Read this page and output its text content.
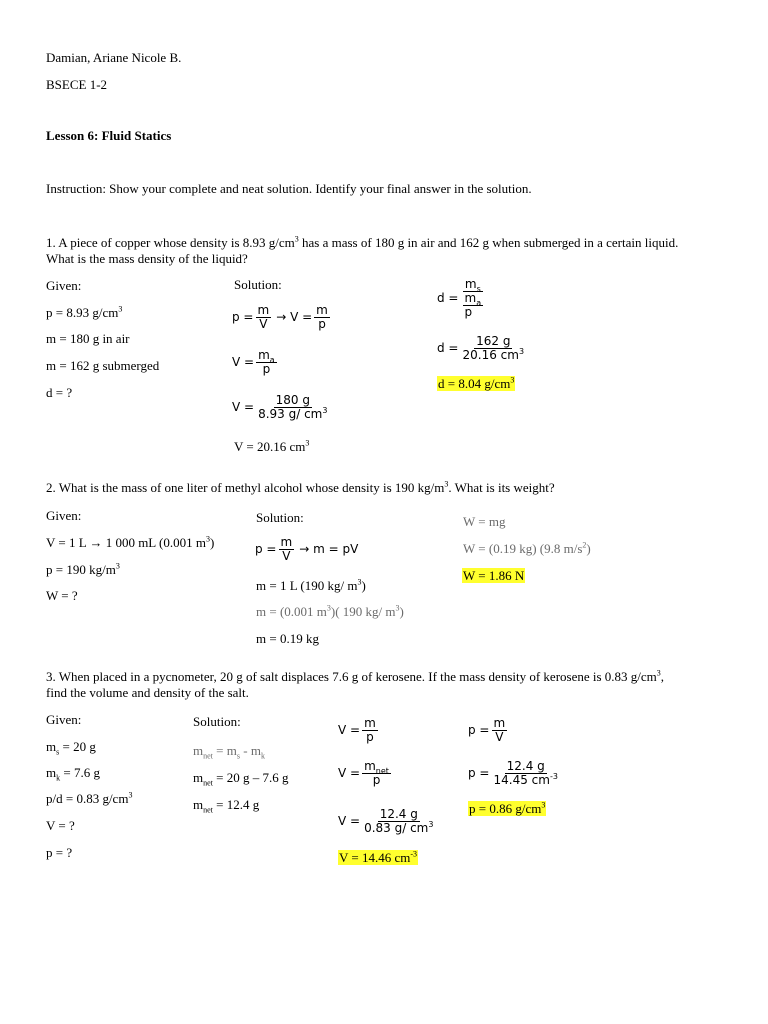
Damian, Ariane Nicole B.
BSECE 1-2
Lesson 6: Fluid Statics
Instruction: Show your complete and neat solution. Identify your final answer in the solution.
1. A piece of copper whose density is 8.93 $g/cm^3$ has a mass of 180 g in air and 162 g when submerged in a certain liquid.
What is the mass density of the liquid?
Given:
p = 8.93 $g/cm^3$
m = 180 g in air
m = 162 g submerged
d = ?
Solution:
$p = \frac{m}{V} \to V = \frac{m}{p}$
$V = \frac{m_a}{p}$
$V = \frac{180 g}{8.93 g/ cm^3}$
V = 20.16 $cm^3$
$d = \frac{m_s}{\frac{m_a}{p}}$
$d = \frac{162 g}{20.16 cm^3}$
d = 8.04 $g/cm^3$
2. What is the mass of one liter of methyl alcohol whose density is 190 $kg/m^3$. What is its weight?
Given:
V = 1 L → 1 000 mL (0.001 $m^3$)
p = 190 $kg/m^3$
W = ?
Solution:
$p = \frac{m}{V} \to m$ = pV
m = 1 L (190 kg/ $m^3$)
m = (0.001 $m^3$)( 190 kg/ $m^3$)
m = 0.19 kg
W = mg
W = (0.19 kg) (9.8 $m/s^2$)
W = 1.86 N
3. When placed in a pycnometer, 20 g of salt displaces 7.6 g of kerosene. If the mass density of kerosene is 0.83 $g/cm^3$,
find the volume and density of the salt.
Given:
$m_s = 20$ g
$m_k = 7.6$ g
p/d = 0.83 $g/cm^3$
V = ?
p = ?
Solution:
$m_{net} = m_s - m_k$
$m_{net} = 20$ g – 7.6 g
$m_{net} = 12.4$ g
$V = \frac{m}{p}$
$V = \frac{m_{net}}{p}$
$V = \frac{12.4 g}{0.83 g/ cm^3}$
V = 14.46 $cm^{-3}$
$p = \frac{m}{V}$
$p = \frac{12.4 g}{14.45 cm^{-3}}$
p = 0.86 $g/cm^3$
